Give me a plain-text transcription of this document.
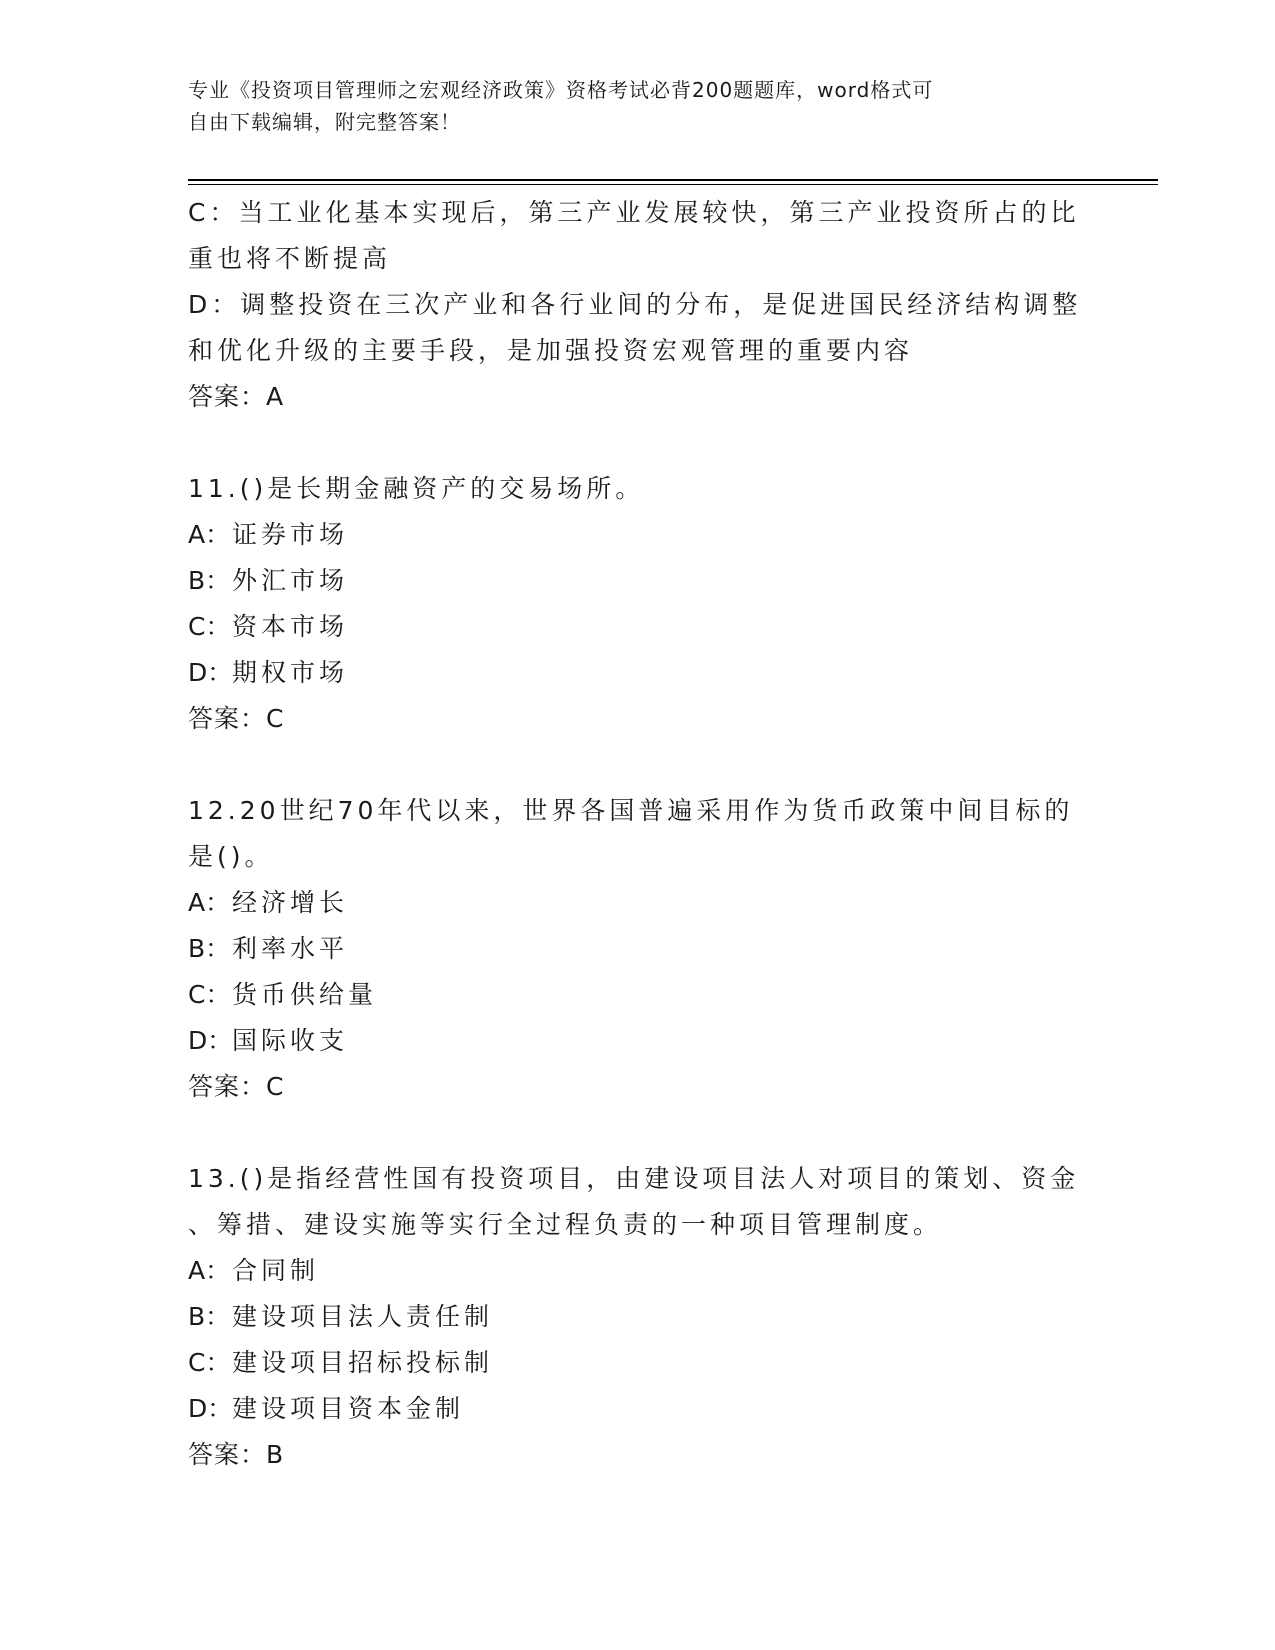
专业《投资项目管理师之宏观经济政策》资格考试必背200题题库，word格式可
自由下载编辑，附完整答案！

C：当工业化基本实现后，第三产业发展较快，第三产业投资所占的比

重也将不断提高

D：调整投资在三次产业和各行业间的分布，是促进国民经济结构调整

和优化升级的主要手段，是加强投资宏观管理的重要内容

答案：A

11.()是长期金融资产的交易场所。

A：证券市场

B：外汇市场

C：资本市场

D：期权市场

答案：C

12.20世纪70年代以来，世界各国普遍采用作为货币政策中间目标的

是()。

A：经济增长

B：利率水平

C：货币供给量

D：国际收支

答案：C

13.()是指经营性国有投资项目，由建设项目法人对项目的策划、资金

、筹措、建设实施等实行全过程负责的一种项目管理制度。

A：合同制

B：建设项目法人责任制

C：建设项目招标投标制

D：建设项目资本金制

答案：B
